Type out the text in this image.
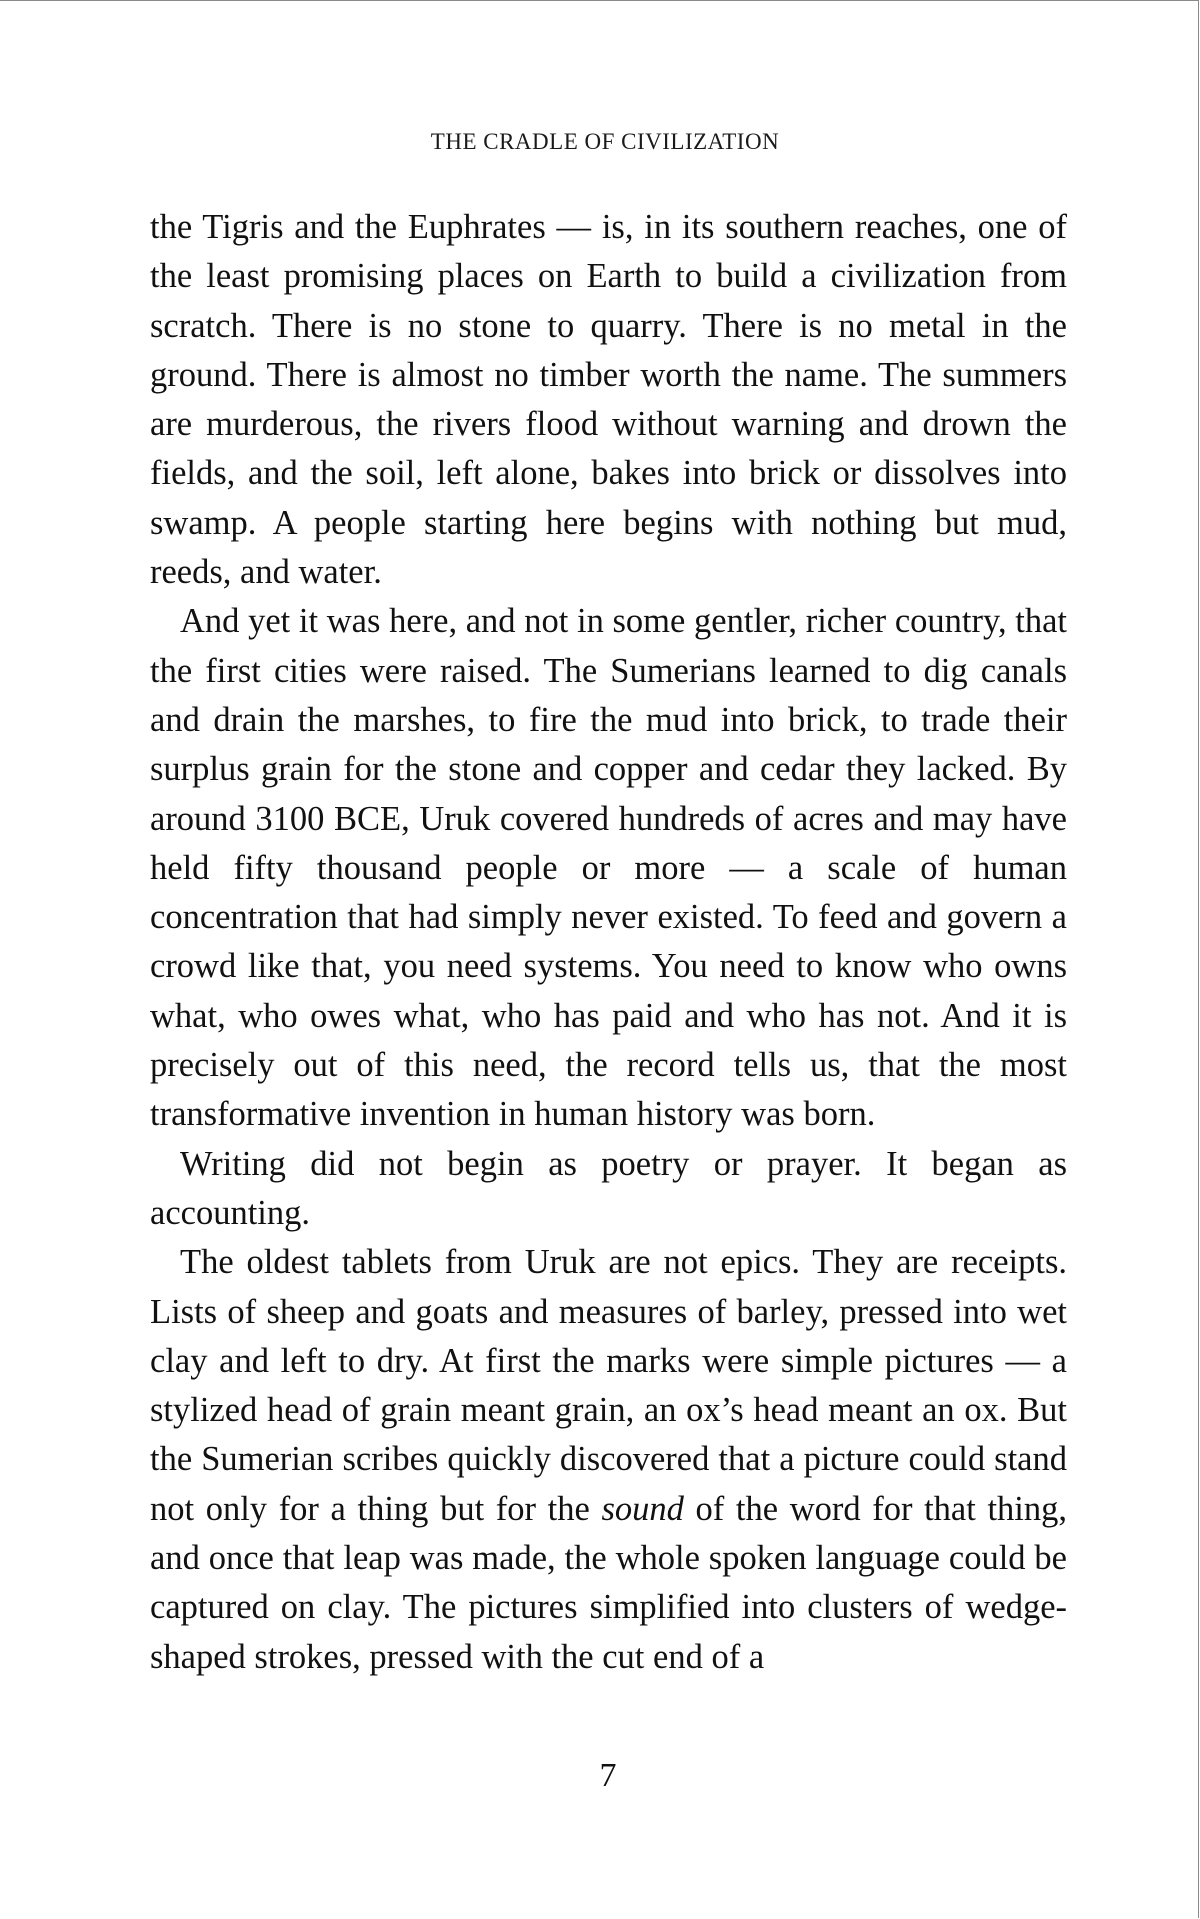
THE CRADLE OF CIVILIZATION

the Tigris and the Euphrates — is, in its southern reaches, one of the least promising places on Earth to build a civilization from scratch. There is no stone to quarry. There is no metal in the ground. There is almost no timber worth the name. The summers are murderous, the rivers flood without warning and drown the fields, and the soil, left alone, bakes into brick or dissolves into swamp. A people starting here begins with nothing but mud, reeds, and water.

And yet it was here, and not in some gentler, richer country, that the first cities were raised. The Sumerians learned to dig canals and drain the marshes, to fire the mud into brick, to trade their surplus grain for the stone and copper and cedar they lacked. By around 3100 BCE, Uruk covered hundreds of acres and may have held fifty thousand people or more — a scale of human concentration that had simply never existed. To feed and govern a crowd like that, you need systems. You need to know who owns what, who owes what, who has paid and who has not. And it is precisely out of this need, the record tells us, that the most transformative invention in human history was born.

Writing did not begin as poetry or prayer. It began as accounting.

The oldest tablets from Uruk are not epics. They are receipts. Lists of sheep and goats and measures of barley, pressed into wet clay and left to dry. At first the marks were simple pictures — a stylized head of grain meant grain, an ox’s head meant an ox. But the Sumerian scribes quickly discovered that a picture could stand not only for a thing but for the sound of the word for that thing, and once that leap was made, the whole spoken language could be captured on clay. The pictures simplified into clusters of wedge-shaped strokes, pressed with the cut end of a

7
